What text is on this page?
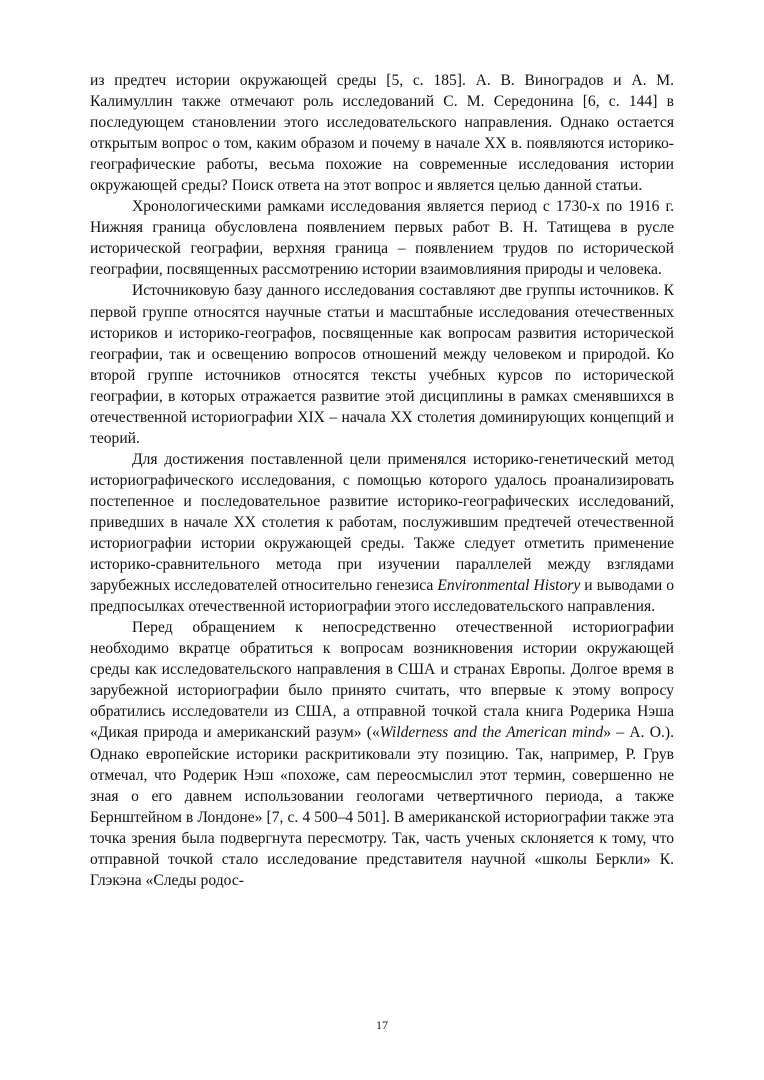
из предтеч истории окружающей среды [5, с. 185]. А. В. Виноградов и А. М. Калимуллин также отмечают роль исследований С. М. Середонина [6, с. 144] в последующем становлении этого исследовательского направления. Однако остается открытым вопрос о том, каким образом и почему в начале XX в. появляются историко-географические работы, весьма похожие на современные исследования истории окружающей среды? Поиск ответа на этот вопрос и является целью данной статьи.

Хронологическими рамками исследования является период с 1730-х по 1916 г. Нижняя граница обусловлена появлением первых работ В. Н. Татищева в русле исторической географии, верхняя граница – появлением трудов по исторической географии, посвященных рассмотрению истории взаимовлияния природы и человека.

Источниковую базу данного исследования составляют две группы источников. К первой группе относятся научные статьи и масштабные исследования отечественных историков и историко-географов, посвященные как вопросам развития исторической географии, так и освещению вопросов отношений между человеком и природой. Ко второй группе источников относятся тексты учебных курсов по исторической географии, в которых отражается развитие этой дисциплины в рамках сменявшихся в отечественной историографии XIX – начала XX столетия доминирующих концепций и теорий.

Для достижения поставленной цели применялся историко-генетический метод историографического исследования, с помощью которого удалось проанализировать постепенное и последовательное развитие историко-географических исследований, приведших в начале XX столетия к работам, послужившим предтечей отечественной историографии истории окружающей среды. Также следует отметить применение историко-сравнительного метода при изучении параллелей между взглядами зарубежных исследователей относительно генезиса Environmental History и выводами о предпосылках отечественной историографии этого исследовательского направления.

Перед обращением к непосредственно отечественной историографии необходимо вкратце обратиться к вопросам возникновения истории окружающей среды как исследовательского направления в США и странах Европы. Долгое время в зарубежной историографии было принято считать, что впервые к этому вопросу обратились исследователи из США, а отправной точкой стала книга Родерика Нэша «Дикая природа и американский разум» («Wilderness and the American mind» – А. О.). Однако европейские историки раскритиковали эту позицию. Так, например, Р. Грув отмечал, что Родерик Нэш «похоже, сам переосмыслил этот термин, совершенно не зная о его давнем использовании геологами четвертичного периода, а также Бернштейном в Лондоне» [7, с. 4 500–4 501]. В американской историографии также эта точка зрения была подвергнута пересмотру. Так, часть ученых склоняется к тому, что отправной точкой стало исследование представителя научной «школы Беркли» К. Глэкэна «Следы родос-

17
